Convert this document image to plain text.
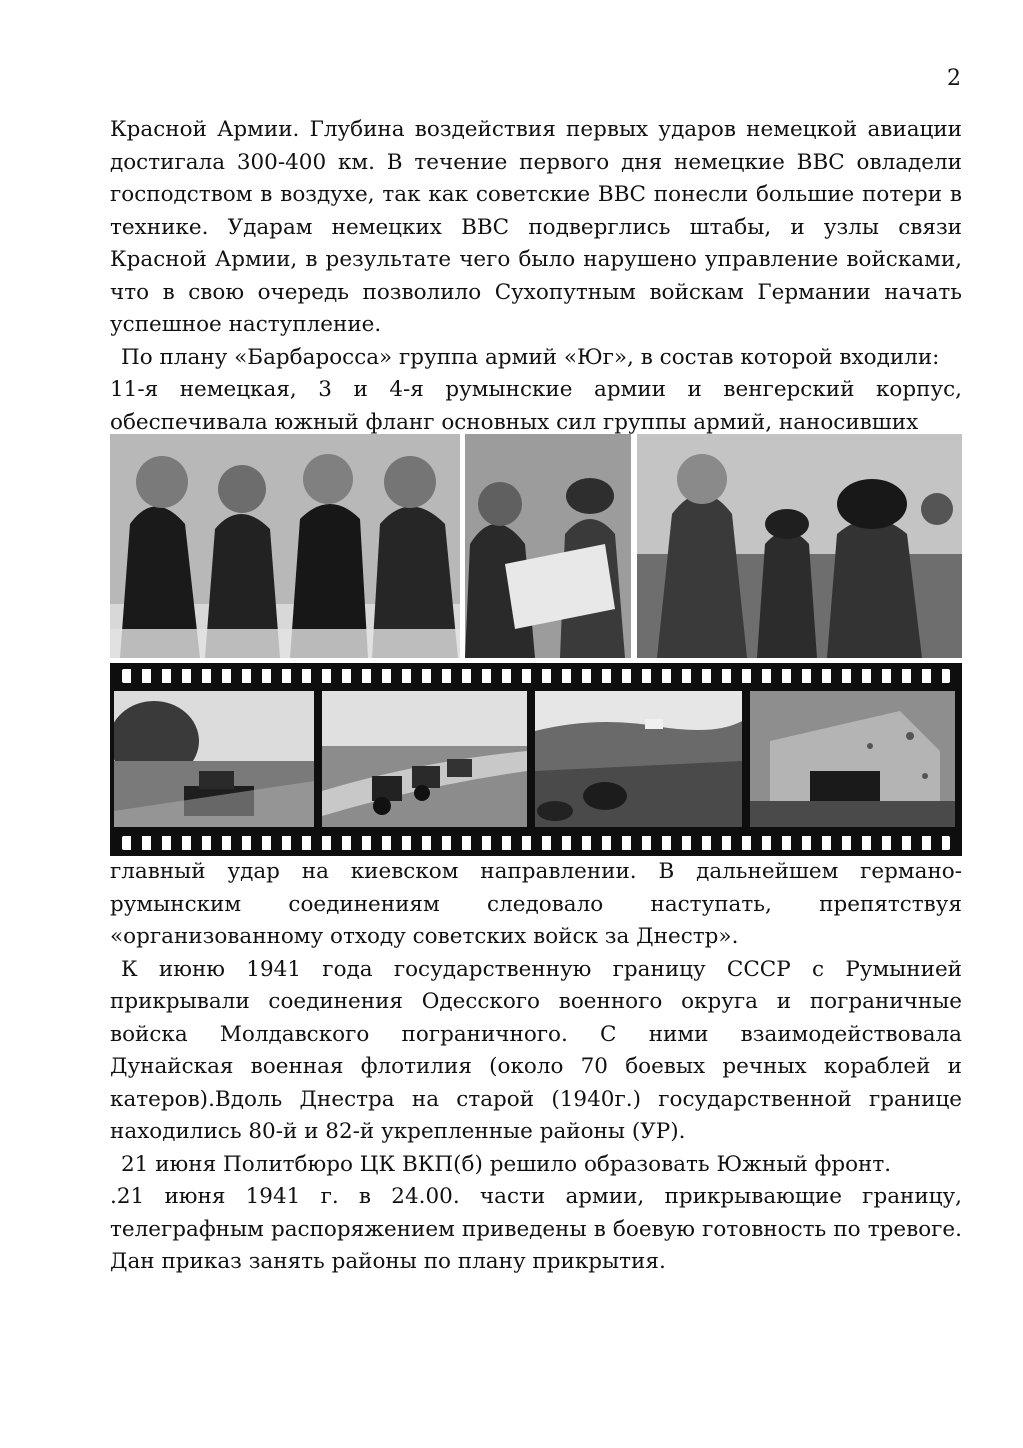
2

Красной Армии. Глубина воздействия первых ударов немецкой авиации достигала 300-400 км. В течение первого дня немецкие ВВС овладели господством в воздухе, так как советские ВВС понесли большие потери в технике. Ударам немецких ВВС подверглись штабы, и узлы связи Красной Армии, в результате чего было нарушено управление войсками, что в свою очередь позволило Сухопутным войскам Германии начать успешное наступление.

По плану «Барбаросса» группа армий «Юг», в состав которой входили:

11-я немецкая, 3 и 4-я румынские армии и венгерский корпус, обеспечивала южный фланг основных сил группы армий, наносивших

главный удар на киевском направлении. В дальнейшем германо-румынским соединениям следовало наступать, препятствуя «организованному отходу советских войск за Днестр».

К июню 1941 года государственную границу СССР с Румынией прикрывали соединения Одесского военного округа и пограничные войска Молдавского пограничного. С ними взаимодействовала Дунайская военная флотилия (около 70 боевых речных кораблей и катеров).Вдоль Днестра на старой (1940г.) государственной границе находились 80-й и 82-й укрепленные районы (УР).

21 июня Политбюро ЦК ВКП(б) решило образовать Южный фронт.

.21 июня 1941 г. в 24.00. части армии, прикрывающие границу, телеграфным распоряжением приведены в боевую готовность по тревоге. Дан приказ занять районы по плану прикрытия.
